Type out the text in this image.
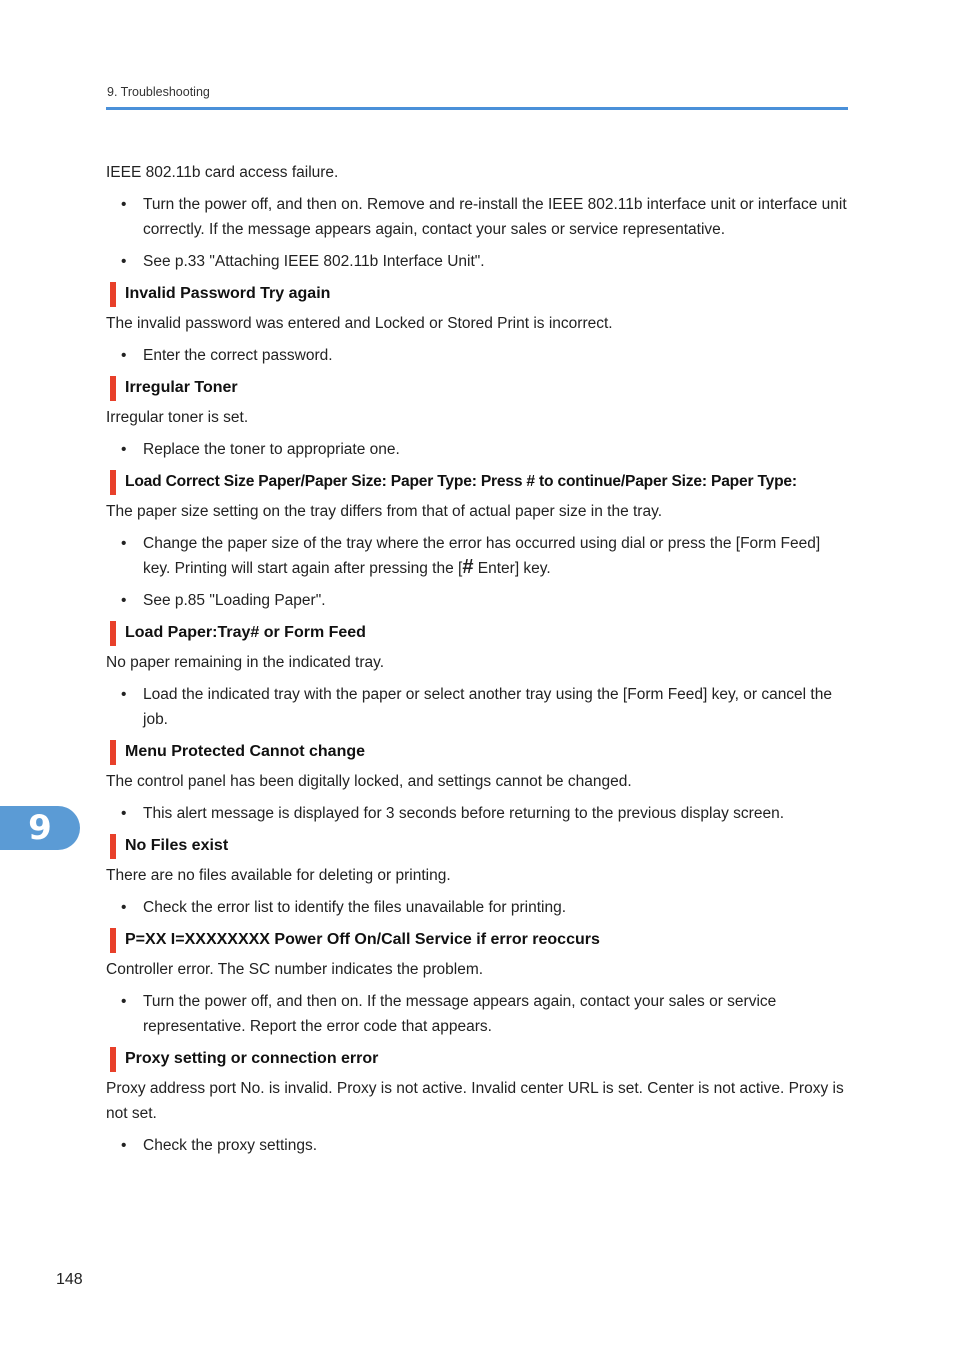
9. Troubleshooting

IEEE 802.11b card access failure.

• Turn the power off, and then on. Remove and re-install the IEEE 802.11b interface unit or interface unit correctly. If the message appears again, contact your sales or service representative.
• See p.33 "Attaching IEEE 802.11b Interface Unit".
Invalid Password Try again

The invalid password was entered and Locked or Stored Print is incorrect.

• Enter the correct password.
Irregular Toner

Irregular toner is set.

• Replace the toner to appropriate one.
Load Correct Size Paper/Paper Size: Paper Type: Press # to continue/Paper Size: Paper Type:

The paper size setting on the tray differs from that of actual paper size in the tray.

• Change the paper size of the tray where the error has occurred using dial or press the [Form Feed] key. Printing will start again after pressing the [# Enter] key.
• See p.85 "Loading Paper".
Load Paper:Tray# or Form Feed

No paper remaining in the indicated tray.

• Load the indicated tray with the paper or select another tray using the [Form Feed] key, or cancel the job.
Menu Protected Cannot change

The control panel has been digitally locked, and settings cannot be changed.

• This alert message is displayed for 3 seconds before returning to the previous display screen.
No Files exist

There are no files available for deleting or printing.

• Check the error list to identify the files unavailable for printing.
P=XX I=XXXXXXXX Power Off On/Call Service if error reoccurs

Controller error. The SC number indicates the problem.

• Turn the power off, and then on. If the message appears again, contact your sales or service representative. Report the error code that appears.
Proxy setting or connection error

Proxy address port No. is invalid. Proxy is not active. Invalid center URL is set. Center is not active. Proxy is not set.

• Check the proxy settings.
9
148
